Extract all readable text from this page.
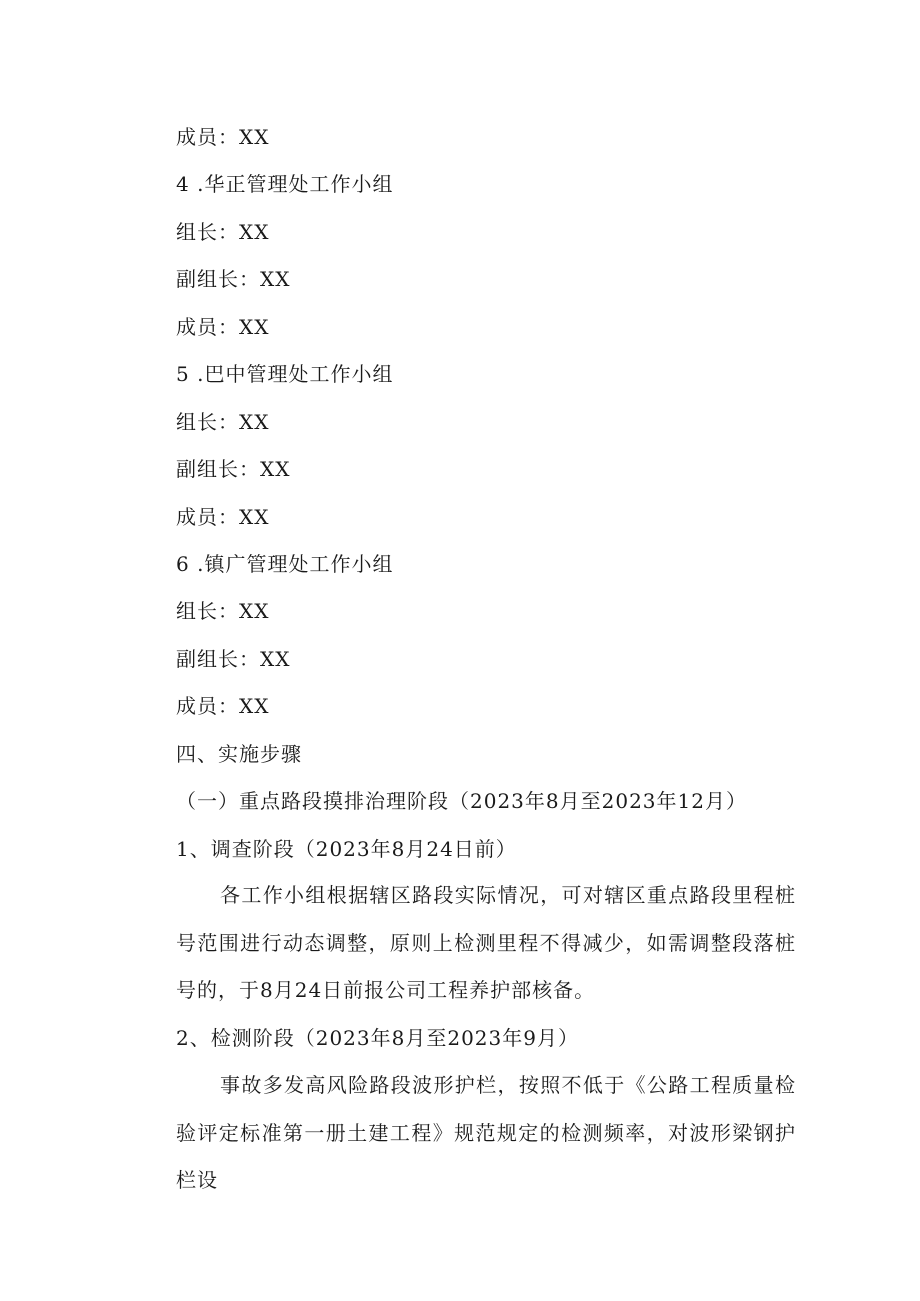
成员：XX
4 .华正管理处工作小组
组长：XX
副组长：XX
成员：XX
5 .巴中管理处工作小组
组长：XX
副组长：XX
成员：XX
6 .镇广管理处工作小组
组长：XX
副组长：XX
成员：XX
四、实施步骤
（一）重点路段摸排治理阶段（2023年8月至2023年12月）
1、调查阶段（2023年8月24日前）
各工作小组根据辖区路段实际情况，可对辖区重点路段里程桩号范围进行动态调整，原则上检测里程不得减少，如需调整段落桩号的，于8月24日前报公司工程养护部核备。
2、检测阶段（2023年8月至2023年9月）
事故多发高风险路段波形护栏，按照不低于《公路工程质量检验评定标准第一册土建工程》规范规定的检测频率，对波形梁钢护栏设
